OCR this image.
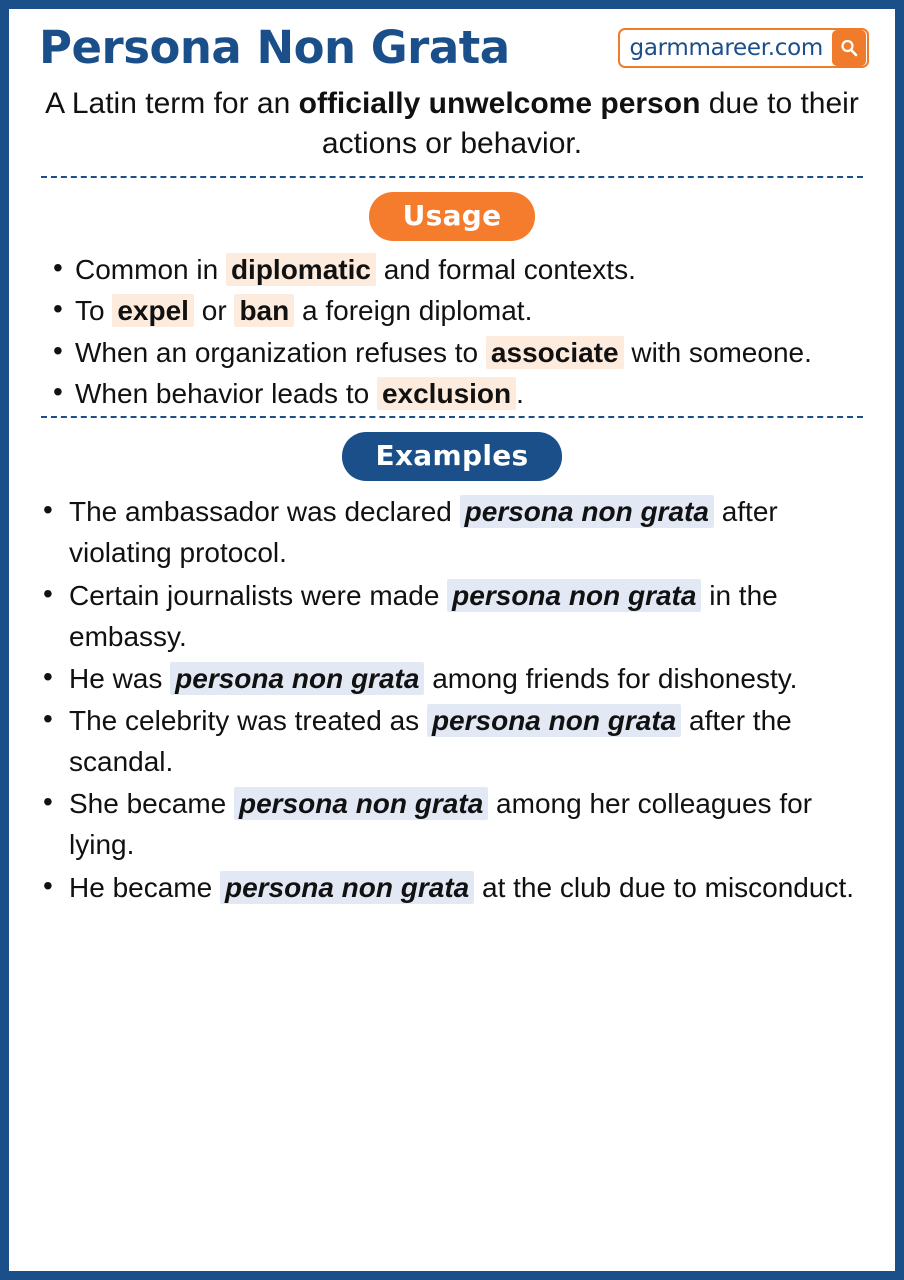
Persona Non Grata	garmmareer.com
A Latin term for an officially unwelcome person due to their actions or behavior.
Usage
• Common in diplomatic and formal contexts.
• To expel or ban a foreign diplomat.
• When an organization refuses to associate with someone.
• When behavior leads to exclusion .
Examples
• The ambassador was declared persona non grata after violating protocol.
• Certain journalists were made persona non grata in the embassy.
• He was persona non grata among friends for dishonesty.
• The celebrity was treated as persona non grata after the scandal.
• She became persona non grata among her colleagues for lying.
• He became persona non grata at the club due to misconduct.
